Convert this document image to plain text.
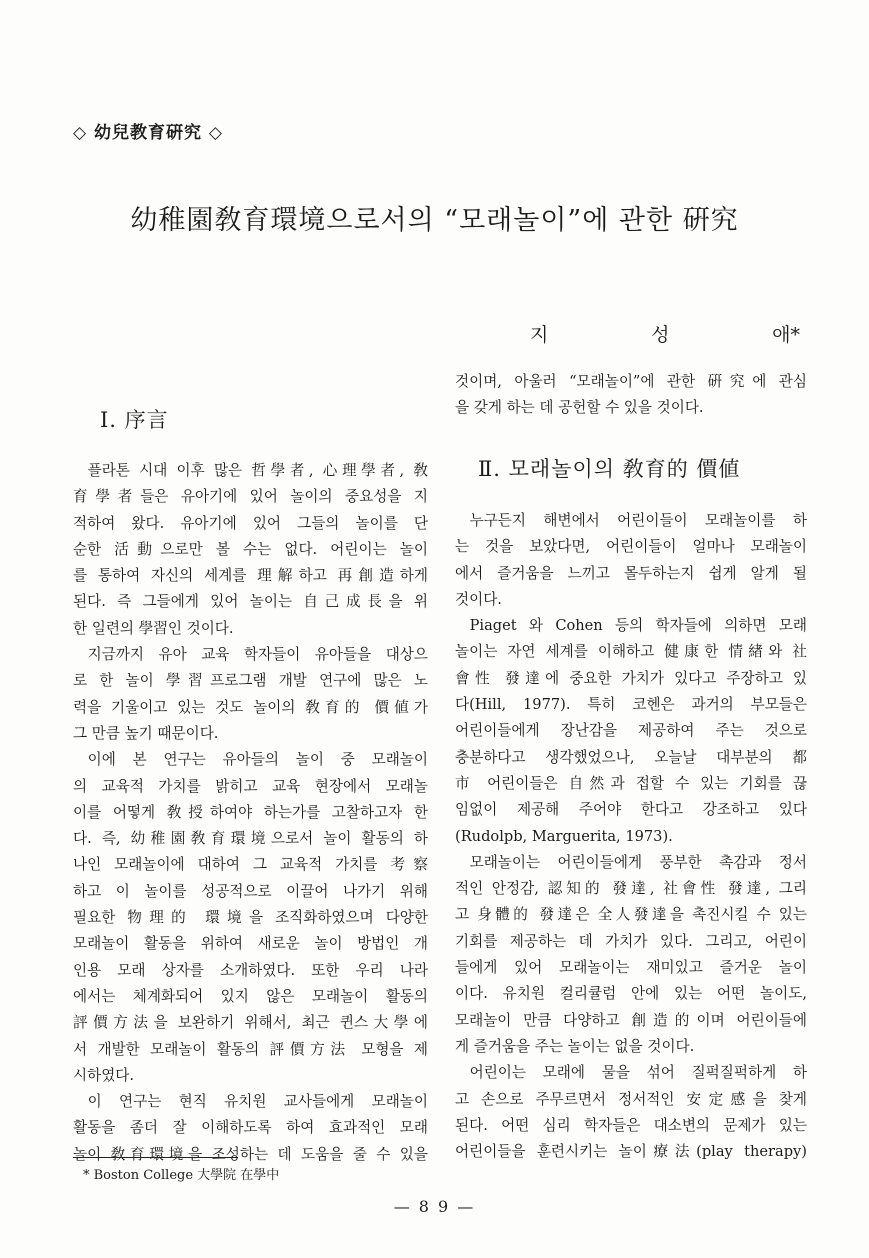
◇ 幼兒教育硏究 ◇
幼稚園敎育環境으로서의 “모래놀이”에 관한 硏究
지	성	애*
Ⅰ. 序言

플라톤 시대 이후 많은 哲學者, 心理學者, 敎

育學者들은 유아기에 있어 놀이의 중요성을 지

적하여 왔다. 유아기에 있어 그들의 놀이를 단

순한 活動으로만 볼 수는 없다. 어린이는 놀이

를 통하여 자신의 세계를 理解하고 再創造하게

된다. 즉 그들에게 있어 놀이는 自己成長을 위

한 일련의 學習인 것이다.

지금까지 유아 교육 학자들이 유아들을 대상으

로 한 놀이 學習프로그램 개발 연구에 많은 노

력을 기울이고 있는 것도 놀이의 敎育的 價値가

그 만큼 높기 때문이다.

이에 본 연구는 유아들의 놀이 중 모래놀이

의 교육적 가치를 밝히고 교육 현장에서 모래놀

이를 어떻게 敎授하여야 하는가를 고찰하고자 한

다. 즉, 幼稚園敎育環境으로서 놀이 활동의 하

나인 모래놀이에 대하여 그 교육적 가치를 考察

하고 이 놀이를 성공적으로 이끌어 나가기 위해

필요한 物理的 環境을 조직화하였으며 다양한

모래놀이 활동을 위하여 새로운 놀이 방법인 개

인용 모래 상자를 소개하였다. 또한 우리 나라

에서는 체계화되어 있지 않은 모래놀이 활동의

評價方法을 보완하기 위해서, 최근 퀸스大學에

서 개발한 모래놀이 활동의 評價方法 모형을 제

시하였다.

이 연구는 현직 유치원 교사들에게 모래놀이

활동을 좀더 잘 이해하도록 하여 효과적인 모래

놀이 敎育環境을 조성하는 데 도움을 줄 수 있을

것이며, 아울러 “모래놀이”에 관한 硏究에 관심

을 갖게 하는 데 공헌할 수 있을 것이다.

Ⅱ. 모래놀이의 敎育的 價値

누구든지 해변에서 어린이들이 모래놀이를 하

는 것을 보았다면, 어린이들이 얼마나 모래놀이

에서 즐거움을 느끼고 몰두하는지 쉽게 알게 될

것이다.

Piaget 와 Cohen 등의 학자들에 의하면 모래

놀이는 자연 세계를 이해하고 健康한 情緖와 社

會性 發達에 중요한 가치가 있다고 주장하고 있

다(Hill, 1977). 특히 코헨은 과거의 부모들은

어린이들에게 장난감을 제공하여 주는 것으로

충분하다고 생각했었으나, 오늘날 대부분의 都

市 어린이들은 自然과 접할 수 있는 기회를 끊

임없이 제공해 주어야 한다고 강조하고 있다

(Rudolpb, Marguerita, 1973).

모래놀이는 어린이들에게 풍부한 촉감과 정서

적인 안정감, 認知的 發達, 社會性 發達, 그리

고 身體的 發達은 全人發達을 촉진시킬 수 있는

기회를 제공하는 데 가치가 있다. 그리고, 어린이

들에게 있어 모래놀이는 재미있고 즐거운 놀이

이다. 유치원 컬리큘럼 안에 있는 어떤 놀이도,

모래놀이 만큼 다양하고 創造的이며 어린이들에

게 즐거움을 주는 놀이는 없을 것이다.

어린이는 모래에 물을 섞어 질퍽질퍽하게 하

고 손으로 주무르면서 정서적인 安定感을 찾게

된다. 어떤 심리 학자들은 대소변의 문제가 있는

어린이들을 훈련시키는 놀이療法(play therapy)

* Boston College 大學院 在學中
— 8 9 —
